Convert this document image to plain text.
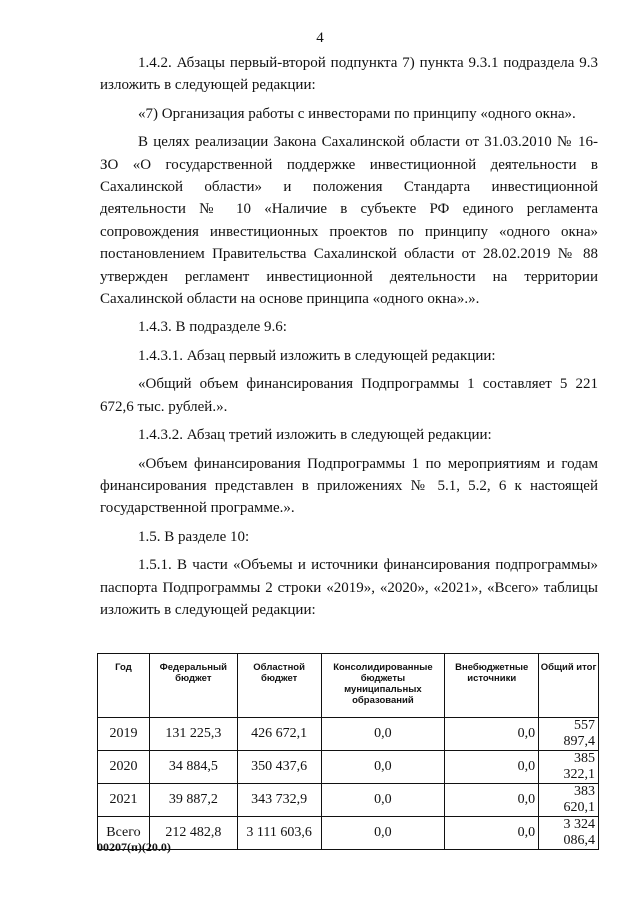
4

1.4.2. Абзацы первый-второй подпункта 7) пункта 9.3.1 подраздела 9.3 изложить в следующей редакции:

«7) Организация работы с инвесторами по принципу «одного окна».

В целях реализации Закона Сахалинской области от 31.03.2010 № 16-ЗО «О государственной поддержке инвестиционной деятельности в Сахалинской области» и положения Стандарта инвестиционной деятельности № 10 «Наличие в субъекте РФ единого регламента сопровождения инвестиционных проектов по принципу «одного окна» постановлением Правительства Сахалинской области от 28.02.2019 № 88 утвержден регламент инвестиционной деятельности на территории Сахалинской области на основе принципа «одного окна».».

1.4.3. В подразделе 9.6:

1.4.3.1. Абзац первый изложить в следующей редакции:

«Общий объем финансирования Подпрограммы 1 составляет 5 221 672,6 тыс. рублей.».

1.4.3.2. Абзац третий изложить в следующей редакции:

«Объем финансирования Подпрограммы 1 по мероприятиям и годам финансирования представлен в приложениях № 5.1, 5.2, 6 к настоящей государственной программе.».

1.5. В разделе 10:

1.5.1. В части «Объемы и источники финансирования подпрограммы» паспорта Подпрограммы 2 строки «2019», «2020», «2021», «Всего» таблицы изложить в следующей редакции:

Год	Федеральный бюджет	Областной бюджет	Консолидированные бюджеты муниципальных образований	Внебюджетные источники	Общий итог
2019	131 225,3	426 672,1	0,0	0,0	557 897,4
2020	34 884,5	350 437,6	0,0	0,0	385 322,1
2021	39 887,2	343 732,9	0,0	0,0	383 620,1
Всего	212 482,8	3 111 603,6	0,0	0,0	3 324 086,4
00207(п)(20.0)
